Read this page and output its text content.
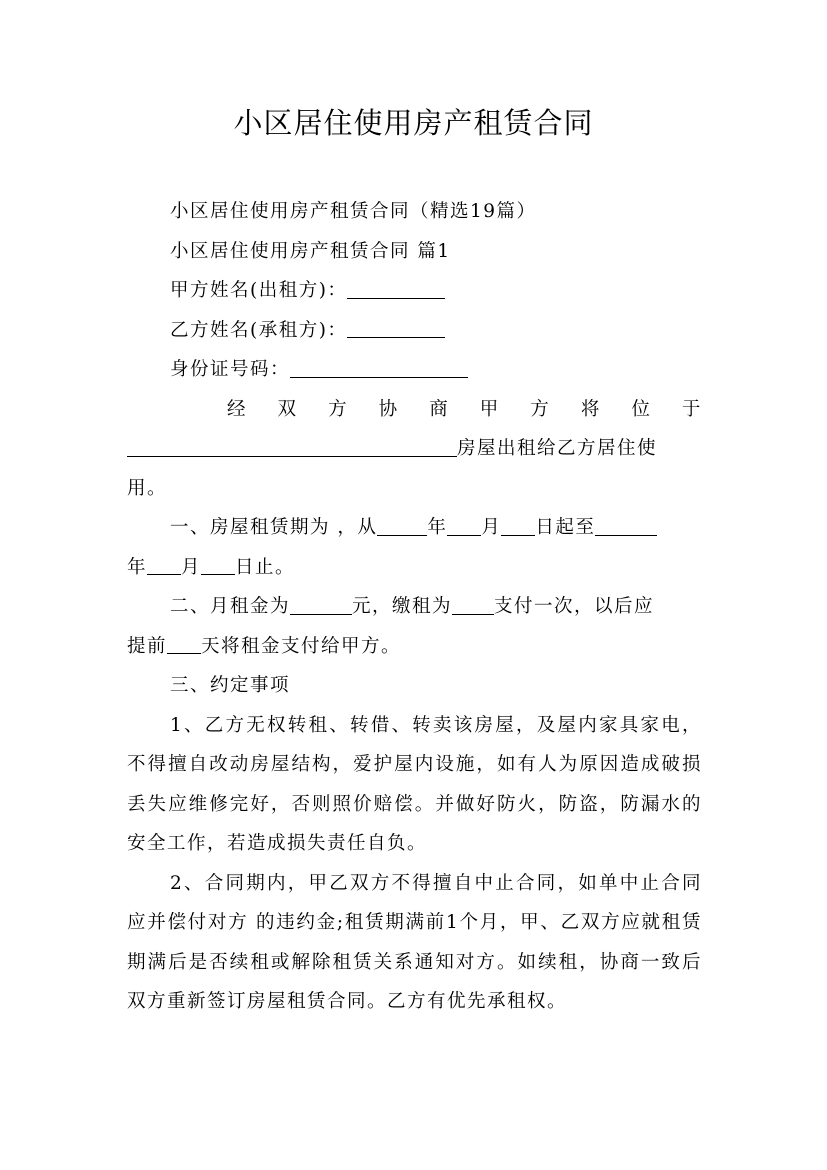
小区居住使用房产租赁合同

小区居住使用房产租赁合同（精选19篇）

小区居住使用房产租赁合同 篇1

甲方姓名(出租方)：

乙方姓名(承租方)：

身份证号码：

经 双 方 协 商 甲 方 将 位 于

房屋出租给乙方居住使

用。

一、房屋租赁期为 ，从	年 月 日起至

年 月 日止。

二、月租金为	元，缴租为 支付一次，以后应

提前 天将租金支付给甲方。

三、约定事项

1、乙方无权转租、转借、转卖该房屋，及屋内家具家电，不得擅自改动房屋结构，爱护屋内设施，如有人为原因造成破损丢失应维修完好，否则照价赔偿。并做好防火，防盗，防漏水的安全工作，若造成损失责任自负。

2、合同期内，甲乙双方不得擅自中止合同，如单中止合同应并偿付对方 的违约金;租赁期满前1个月，甲、乙双方应就租赁期满后是否续租或解除租赁关系通知对方。如续租，协商一致后双方重新签订房屋租赁合同。乙方有优先承租权。
